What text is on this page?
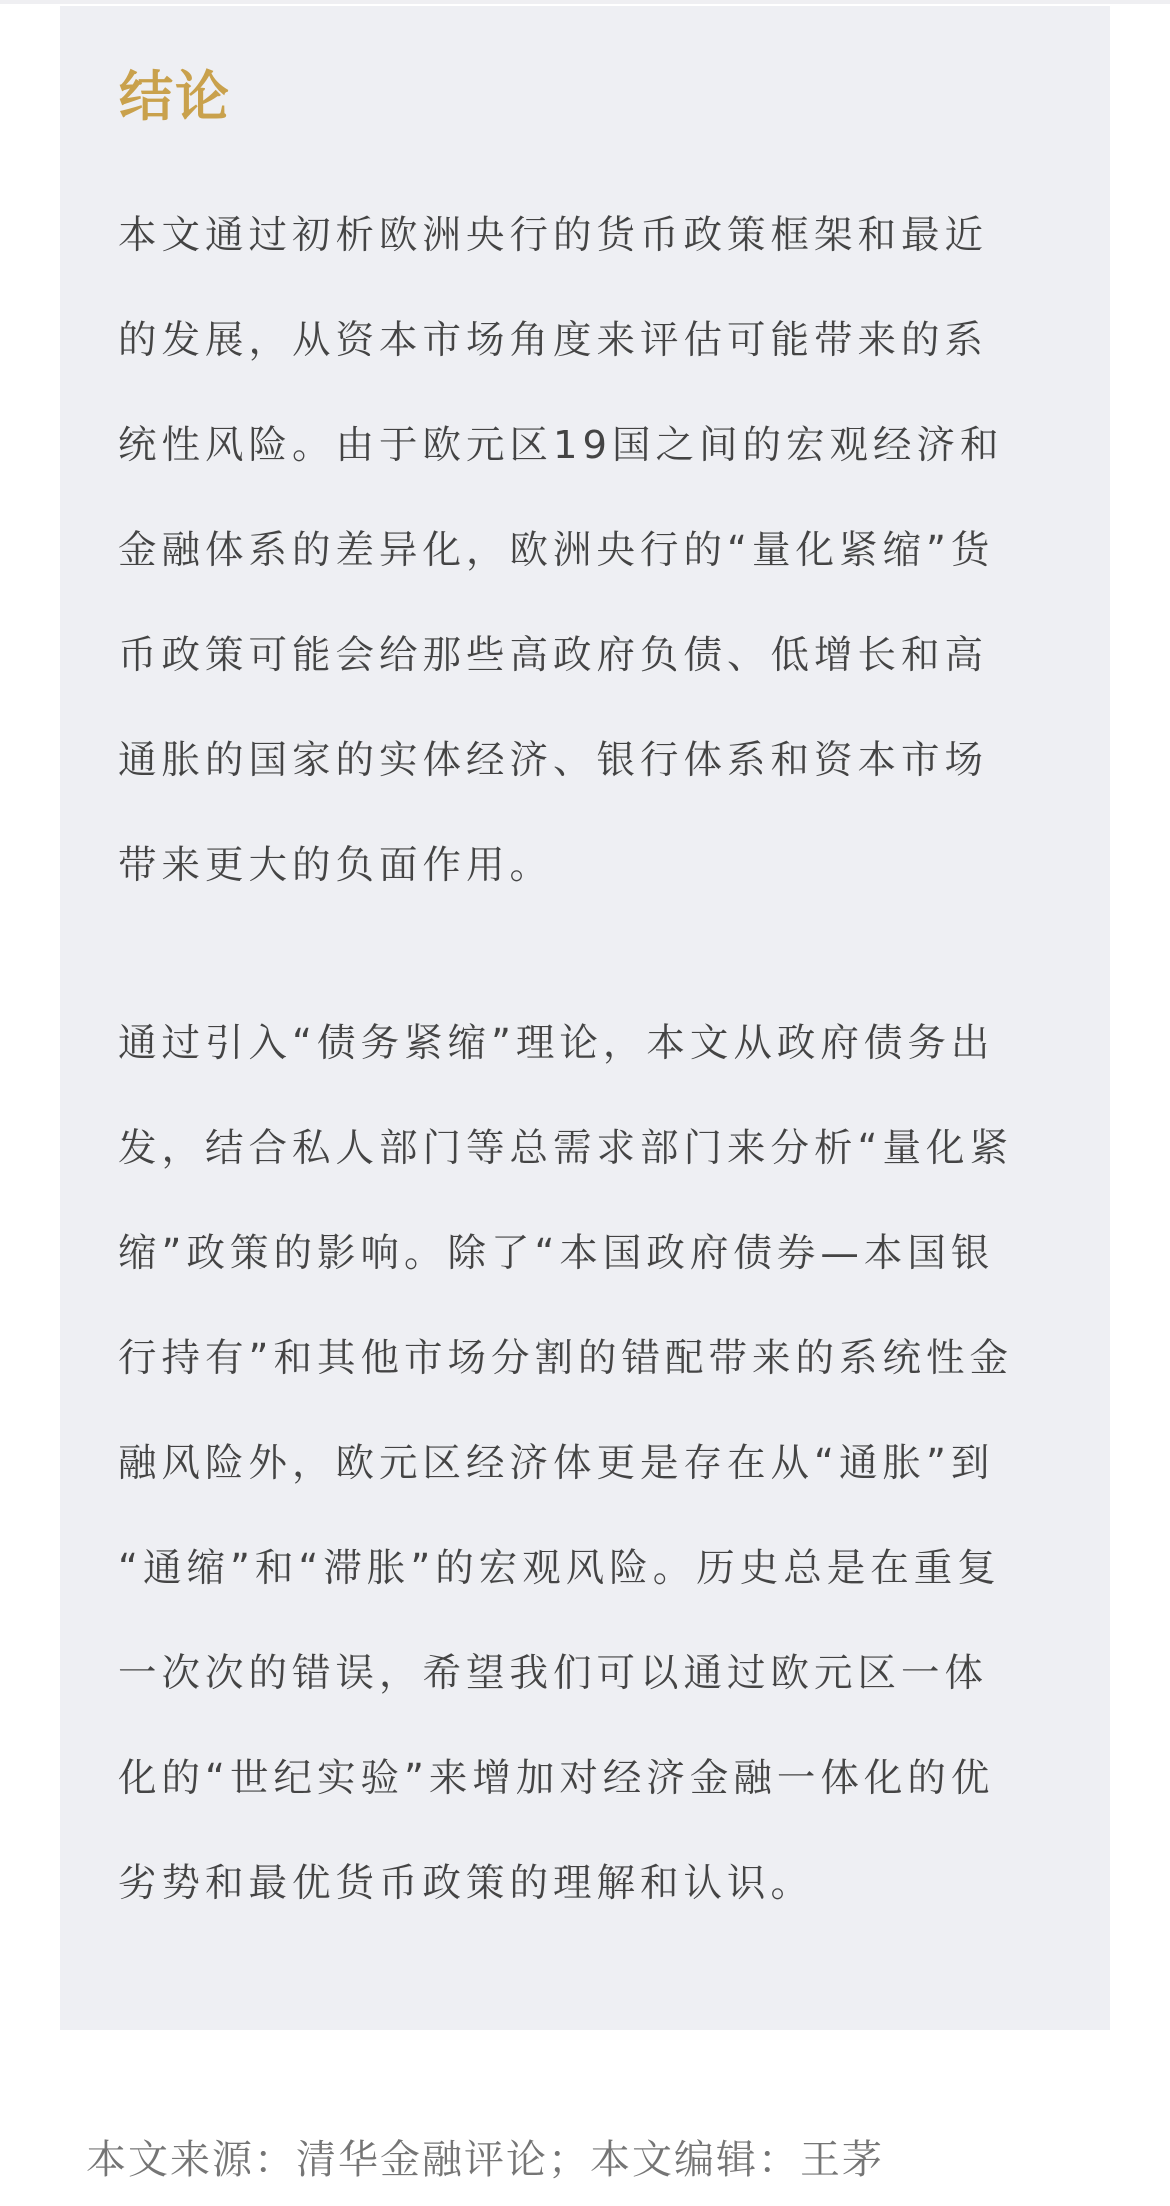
结论

本文通过初析欧洲央行的货币政策框架和最近
的发展，从资本市场角度来评估可能带来的系
统性风险。由于欧元区19国之间的宏观经济和
金融体系的差异化，欧洲央行的“量化紧缩”货
币政策可能会给那些高政府负债、低增长和高
通胀的国家的实体经济、银行体系和资本市场
带来更大的负面作用。

通过引入“债务紧缩”理论，本文从政府债务出
发，结合私人部门等总需求部门来分析“量化紧
缩”政策的影响。除了“本国政府债券—本国银
行持有”和其他市场分割的错配带来的系统性金
融风险外，欧元区经济体更是存在从“通胀”到
“通缩”和“滞胀”的宏观风险。历史总是在重复
一次次的错误，希望我们可以通过欧元区一体
化的“世纪实验”来增加对经济金融一体化的优
劣势和最优货币政策的理解和认识。

本文来源：清华金融评论；本文编辑：王茅
